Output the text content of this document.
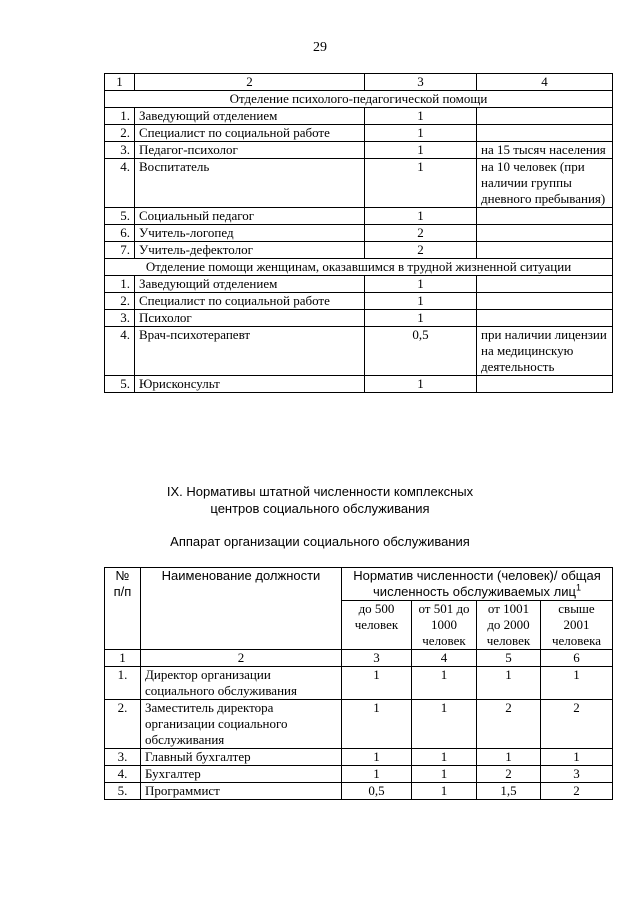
29
1	2	3	4
Отделение психолого-педагогической помощи			
1.	Заведующий отделением	1	
2.	Специалист по социальной работе	1	
3.	Педагог-психолог	1	на 15 тысяч населения
4.	Воспитатель	1	на 10 человек (при наличии группы дневного пребывания)
5.	Социальный педагог	1	
6.	Учитель-логопед	2	
7.	Учитель-дефектолог	2	
Отделение помощи женщинам, оказавшимся в трудной жизненной ситуации			
1.	Заведующий отделением	1	
2.	Специалист по социальной работе	1	
3.	Психолог	1	
4.	Врач-психотерапевт	0,5	при наличии лицензии на медицинскую деятельность
5.	Юрисконсульт	1	
IX. Нормативы штатной численности комплексных
центров социального обслуживания
Аппарат организации социального обслуживания
№ п/п	Наименование должности	Норматив численности (человек)/ общая численность обслуживаемых лиц$^1$
		до 500 человек	от 501 до 1000 человек	от 1001 до 2000 человек	свыше 2001 человека
1	2	3	4	5	6
1.	Директор организации социального обслуживания	1	1	1	1
2.	Заместитель директора организации социального обслуживания	1	1	2	2
3.	Главный бухгалтер	1	1	1	1
4.	Бухгалтер	1	1	2	3
5.	Программист	0,5	1	1,5	2
